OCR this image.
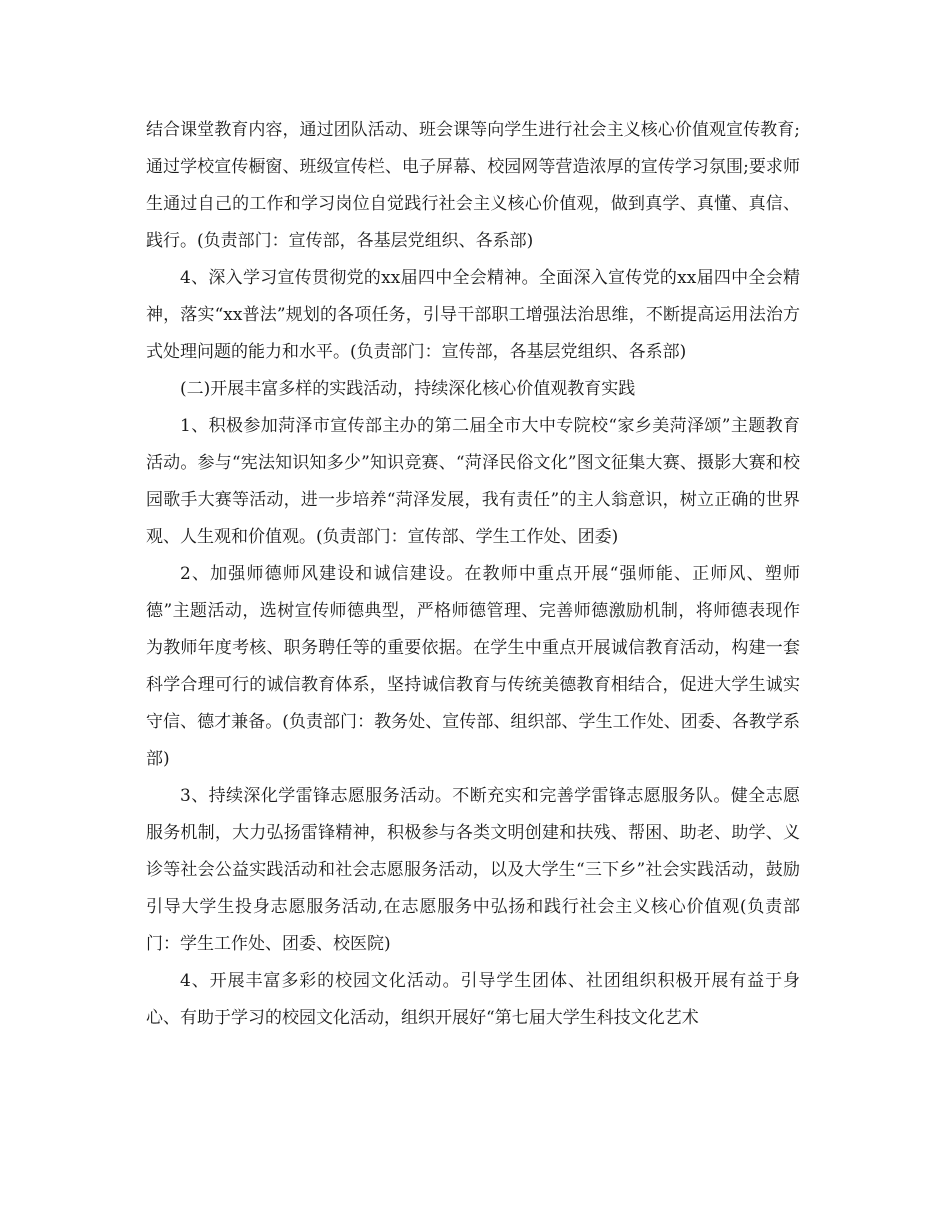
结合课堂教育内容，通过团队活动、班会课等向学生进行社会主义核心价值观宣传教育;通过学校宣传橱窗、班级宣传栏、电子屏幕、校园网等营造浓厚的宣传学习氛围;要求师生通过自己的工作和学习岗位自觉践行社会主义核心价值观，做到真学、真懂、真信、践行。(负责部门：宣传部，各基层党组织、各系部)

4、深入学习宣传贯彻党的xx届四中全会精神。全面深入宣传党的xx届四中全会精神，落实“xx普法”规划的各项任务，引导干部职工增强法治思维，不断提高运用法治方式处理问题的能力和水平。(负责部门：宣传部，各基层党组织、各系部)

(二)开展丰富多样的实践活动，持续深化核心价值观教育实践

1、积极参加菏泽市宣传部主办的第二届全市大中专院校“家乡美菏泽颂”主题教育活动。参与“宪法知识知多少”知识竞赛、“菏泽民俗文化”图文征集大赛、摄影大赛和校园歌手大赛等活动，进一步培养“菏泽发展，我有责任”的主人翁意识，树立正确的世界观、人生观和价值观。(负责部门：宣传部、学生工作处、团委)

2、加强师德师风建设和诚信建设。在教师中重点开展“强师能、正师风、塑师德”主题活动，选树宣传师德典型，严格师德管理、完善师德激励机制，将师德表现作为教师年度考核、职务聘任等的重要依据。在学生中重点开展诚信教育活动，构建一套科学合理可行的诚信教育体系，坚持诚信教育与传统美德教育相结合，促进大学生诚实守信、德才兼备。(负责部门：教务处、宣传部、组织部、学生工作处、团委、各教学系部)

3、持续深化学雷锋志愿服务活动。不断充实和完善学雷锋志愿服务队。健全志愿服务机制，大力弘扬雷锋精神，积极参与各类文明创建和扶残、帮困、助老、助学、义诊等社会公益实践活动和社会志愿服务活动，以及大学生“三下乡”社会实践活动，鼓励引导大学生投身志愿服务活动,在志愿服务中弘扬和践行社会主义核心价值观(负责部门：学生工作处、团委、校医院)

4、开展丰富多彩的校园文化活动。引导学生团体、社团组织积极开展有益于身心、有助于学习的校园文化活动，组织开展好“第七届大学生科技文化艺术
